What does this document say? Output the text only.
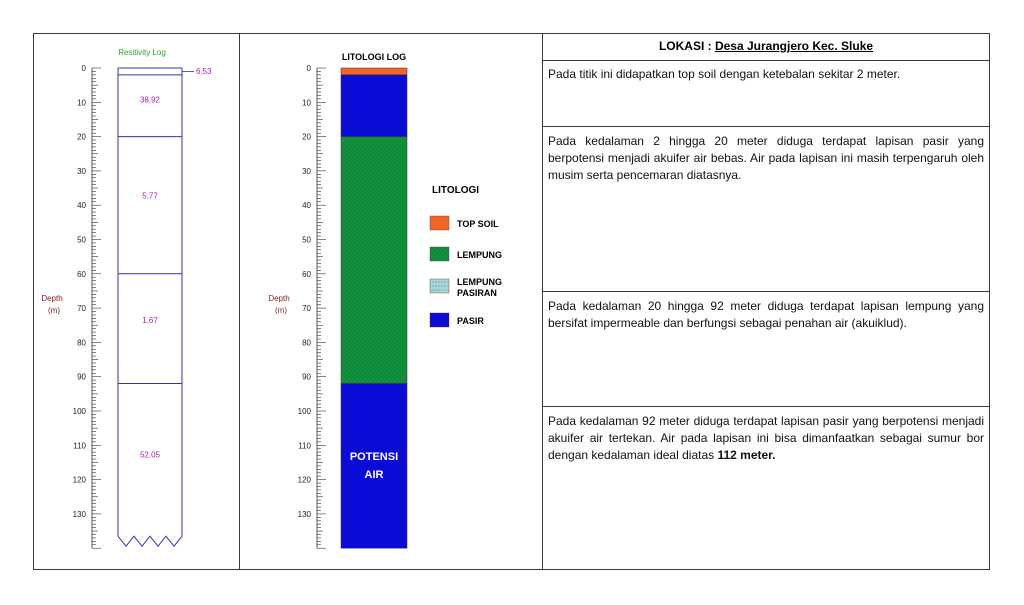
Resitivity Log
Depth
(m)
0
10
20
30
40
50
60
70
80
90
100
110
120
130
6.53
38.92
5.77
1.67
52.05
LITOLOGI LOG
Depth
(m)
0
10
20
30
40
50
60
70
80
90
100
110
120
130
POTENSI
AIR
LITOLOGI
TOP SOIL
LEMPUNG
LEMPUNG
PASIRAN
PASIR
LOKASI : Desa Jurangjero Kec. Sluke
Pada titik ini didapatkan top soil dengan ketebalan sekitar 2 meter.
Pada kedalaman 2 hingga 20 meter diduga terdapat lapisan pasir yang berpotensi menjadi akuifer air bebas. Air pada lapisan ini masih terpengaruh oleh musim serta pencemaran diatasnya.
Pada kedalaman 20 hingga 92 meter diduga terdapat lapisan lempung yang bersifat impermeable dan berfungsi sebagai penahan air (akuiklud).
Pada kedalaman 92 meter diduga terdapat lapisan pasir yang berpotensi menjadi akuifer air tertekan. Air pada lapisan ini bisa dimanfaatkan sebagai sumur bor dengan kedalaman ideal diatas 112 meter.
